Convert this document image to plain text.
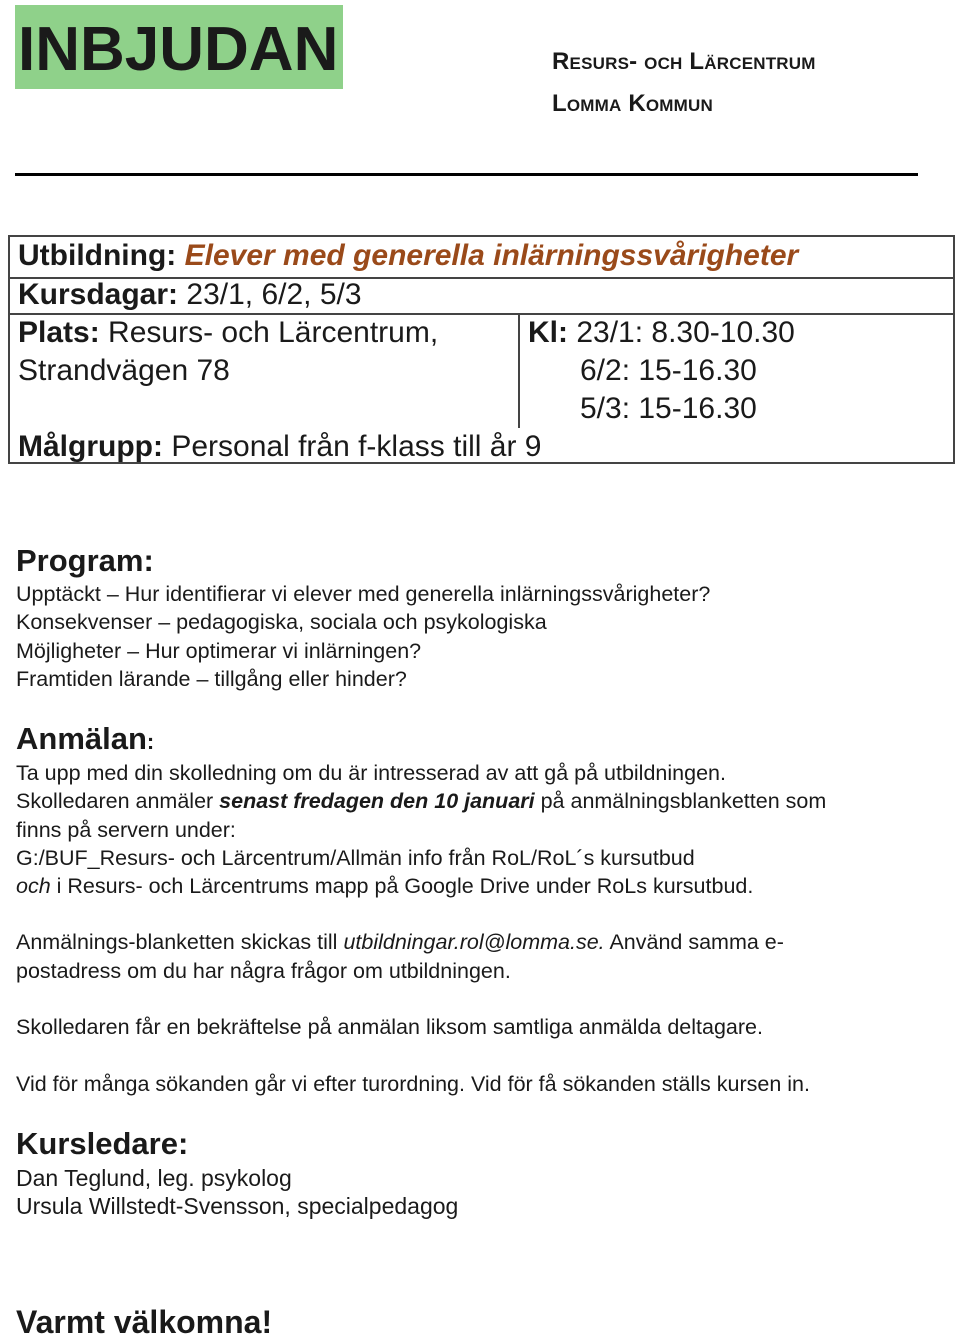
INBJUDAN	Resurs- och Lärcentrum

Lomma Kommun

Utbildning: Elever med generella inlärningssvårigheter
Kursdagar: 23/1, 6/2, 5/3
Plats: Resurs- och Lärcentrum,
Strandvägen 78
Kl: 23/1: 8.30-10.30
6/2: 15-16.30
5/3: 15-16.30
Målgrupp: Personal från f-klass till år 9
Program:

Upptäckt – Hur identifierar vi elever med generella inlärningssvårigheter?

Konsekvenser – pedagogiska, sociala och psykologiska

Möjligheter – Hur optimerar vi inlärningen?

Framtiden lärande – tillgång eller hinder?

Anmälan:

Ta upp med din skolledning om du är intresserad av att gå på utbildningen.

Skolledaren anmäler senast fredagen den 10 januari på anmälningsblanketten som

finns på servern under:

G:/BUF_Resurs- och Lärcentrum/Allmän info från RoL/RoL´s kursutbud

och i Resurs- och Lärcentrums mapp på Google Drive under RoLs kursutbud.

Anmälnings-blanketten skickas till utbildningar.rol@lomma.se. Använd samma e-

postadress om du har några frågor om utbildningen.

Skolledaren får en bekräftelse på anmälan liksom samtliga anmälda deltagare.

Vid för många sökanden går vi efter turordning. Vid för få sökanden ställs kursen in.

Kursledare:

Dan Teglund, leg. psykolog

Ursula Willstedt-Svensson, specialpedagog

Varmt välkomna!
